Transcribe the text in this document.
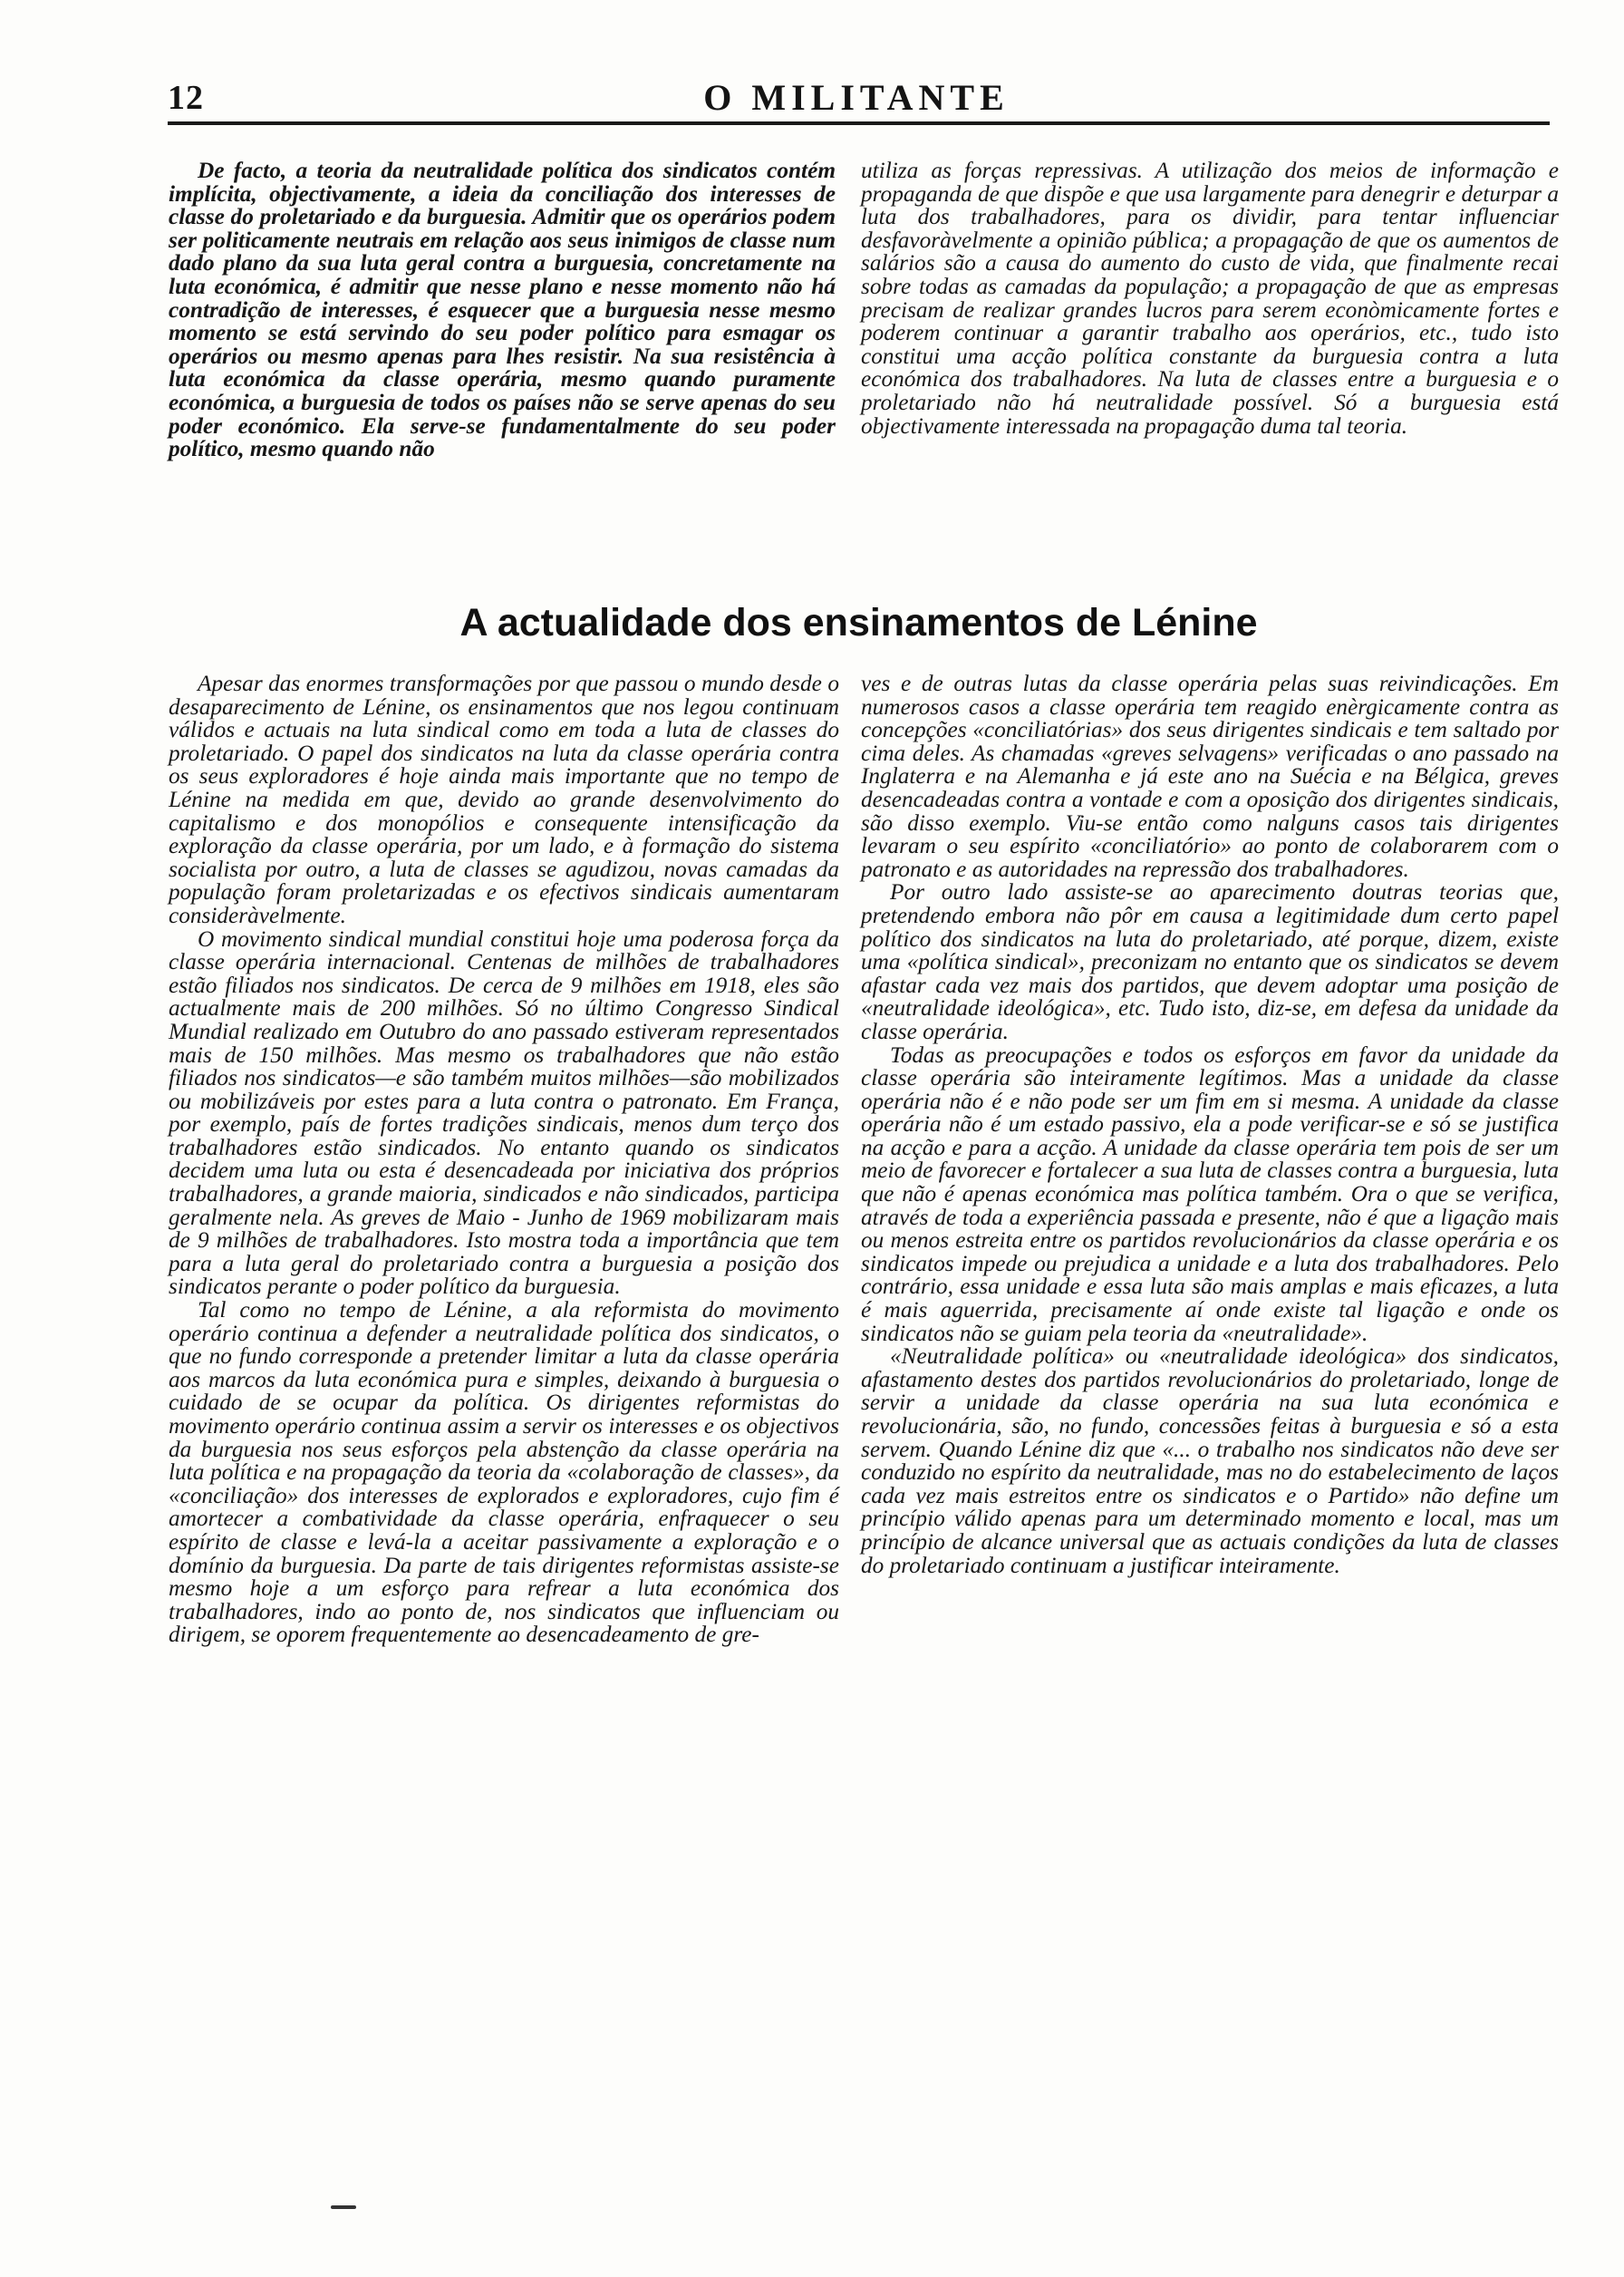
12	O MILITANTE

De facto, a teoria da neutralidade política dos sindicatos contém implícita, objectivamente, a ideia da conciliação dos interesses de classe do proletariado e da burguesia. Admitir que os operários podem ser politicamente neutrais em relação aos seus inimigos de classe num dado plano da sua luta geral contra a burguesia, concretamente na luta económica, é admitir que nesse plano e nesse momento não há contradição de interesses, é esquecer que a burguesia nesse mesmo momento se está servindo do seu poder político para esmagar os operários ou mesmo apenas para lhes resistir. Na sua resistência à luta económica da classe operária, mesmo quando puramente económica, a burguesia de todos os países não se serve apenas do seu poder económico. Ela serve-se fundamentalmente do seu poder político, mesmo quando não

utiliza as forças repressivas. A utilização dos meios de informação e propaganda de que dispõe e que usa largamente para denegrir e deturpar a luta dos trabalhadores, para os dividir, para tentar influenciar desfavoràvelmente a opinião pública; a propagação de que os aumentos de salários são a causa do aumento do custo de vida, que finalmente recai sobre todas as camadas da população; a propagação de que as empresas precisam de realizar grandes lucros para serem econòmicamente fortes e poderem continuar a garantir trabalho aos operários, etc., tudo isto constitui uma acção política constante da burguesia contra a luta económica dos trabalhadores. Na luta de classes entre a burguesia e o proletariado não há neutralidade possível. Só a burguesia está objectivamente interessada na propagação duma tal teoria.

A actualidade dos ensinamentos de Lénine

Apesar das enormes transformações por que passou o mundo desde o desaparecimento de Lénine, os ensinamentos que nos legou continuam válidos e actuais na luta sindical como em toda a luta de classes do proletariado. O papel dos sindicatos na luta da classe operária contra os seus exploradores é hoje ainda mais importante que no tempo de Lénine na medida em que, devido ao grande desenvolvimento do capitalismo e dos monopólios e consequente intensificação da exploração da classe operária, por um lado, e à formação do sistema socialista por outro, a luta de classes se agudizou, novas camadas da população foram proletarizadas e os efectivos sindicais aumentaram consideràvelmente.

O movimento sindical mundial constitui hoje uma poderosa força da classe operária internacional. Centenas de milhões de trabalhadores estão filiados nos sindicatos. De cerca de 9 milhões em 1918, eles são actualmente mais de 200 milhões. Só no último Congresso Sindical Mundial realizado em Outubro do ano passado estiveram representados mais de 150 milhões. Mas mesmo os trabalhadores que não estão filiados nos sindicatos—e são também muitos milhões—são mobilizados ou mobilizáveis por estes para a luta contra o patronato. Em França, por exemplo, país de fortes tradições sindicais, menos dum terço dos trabalhadores estão sindicados. No entanto quando os sindicatos decidem uma luta ou esta é desencadeada por iniciativa dos próprios trabalhadores, a grande maioria, sindicados e não sindicados, participa geralmente nela. As greves de Maio - Junho de 1969 mobilizaram mais de 9 milhões de trabalhadores. Isto mostra toda a importância que tem para a luta geral do proletariado contra a burguesia a posição dos sindicatos perante o poder político da burguesia.

Tal como no tempo de Lénine, a ala reformista do movimento operário continua a defender a neutralidade política dos sindicatos, o que no fundo corresponde a pretender limitar a luta da classe operária aos marcos da luta económica pura e simples, deixando à burguesia o cuidado de se ocupar da política. Os dirigentes reformistas do movimento operário continua assim a servir os interesses e os objectivos da burguesia nos seus esforços pela abstenção da classe operária na luta política e na propagação da teoria da «colaboração de classes», da «conciliação» dos interesses de explorados e exploradores, cujo fim é amortecer a combatividade da classe operária, enfraquecer o seu espírito de classe e levá-la a aceitar passivamente a exploração e o domínio da burguesia. Da parte de tais dirigentes reformistas assiste-se mesmo hoje a um esforço para refrear a luta económica dos trabalhadores, indo ao ponto de, nos sindicatos que influenciam ou dirigem, se oporem frequentemente ao desencadeamento de gre-

ves e de outras lutas da classe operária pelas suas reivindicações. Em numerosos casos a classe operária tem reagido enèrgicamente contra as concepções «conciliatórias» dos seus dirigentes sindicais e tem saltado por cima deles. As chamadas «greves selvagens» verificadas o ano passado na Inglaterra e na Alemanha e já este ano na Suécia e na Bélgica, greves desencadeadas contra a vontade e com a oposição dos dirigentes sindicais, são disso exemplo. Viu-se então como nalguns casos tais dirigentes levaram o seu espírito «conciliatório» ao ponto de colaborarem com o patronato e as autoridades na repressão dos trabalhadores.

Por outro lado assiste-se ao aparecimento doutras teorias que, pretendendo embora não pôr em causa a legitimidade dum certo papel político dos sindicatos na luta do proletariado, até porque, dizem, existe uma «política sindical», preconizam no entanto que os sindicatos se devem afastar cada vez mais dos partidos, que devem adoptar uma posição de «neutralidade ideológica», etc. Tudo isto, diz-se, em defesa da unidade da classe operária.

Todas as preocupações e todos os esforços em favor da unidade da classe operária são inteiramente legítimos. Mas a unidade da classe operária não é e não pode ser um fim em si mesma. A unidade da classe operária não é um estado passivo, ela a pode verificar-se e só se justifica na acção e para a acção. A unidade da classe operária tem pois de ser um meio de favorecer e fortalecer a sua luta de classes contra a burguesia, luta que não é apenas económica mas política também. Ora o que se verifica, através de toda a experiência passada e presente, não é que a ligação mais ou menos estreita entre os partidos revolucionários da classe operária e os sindicatos impede ou prejudica a unidade e a luta dos trabalhadores. Pelo contrário, essa unidade e essa luta são mais amplas e mais eficazes, a luta é mais aguerrida, precisamente aí onde existe tal ligação e onde os sindicatos não se guiam pela teoria da «neutralidade».

«Neutralidade política» ou «neutralidade ideológica» dos sindicatos, afastamento destes dos partidos revolucionários do proletariado, longe de servir a unidade da classe operária na sua luta económica e revolucionária, são, no fundo, concessões feitas à burguesia e só a esta servem. Quando Lénine diz que «... o trabalho nos sindicatos não deve ser conduzido no espírito da neutralidade, mas no do estabelecimento de laços cada vez mais estreitos entre os sindicatos e o Partido» não define um princípio válido apenas para um determinado momento e local, mas um princípio de alcance universal que as actuais condições da luta de classes do proletariado continuam a justificar inteiramente.
